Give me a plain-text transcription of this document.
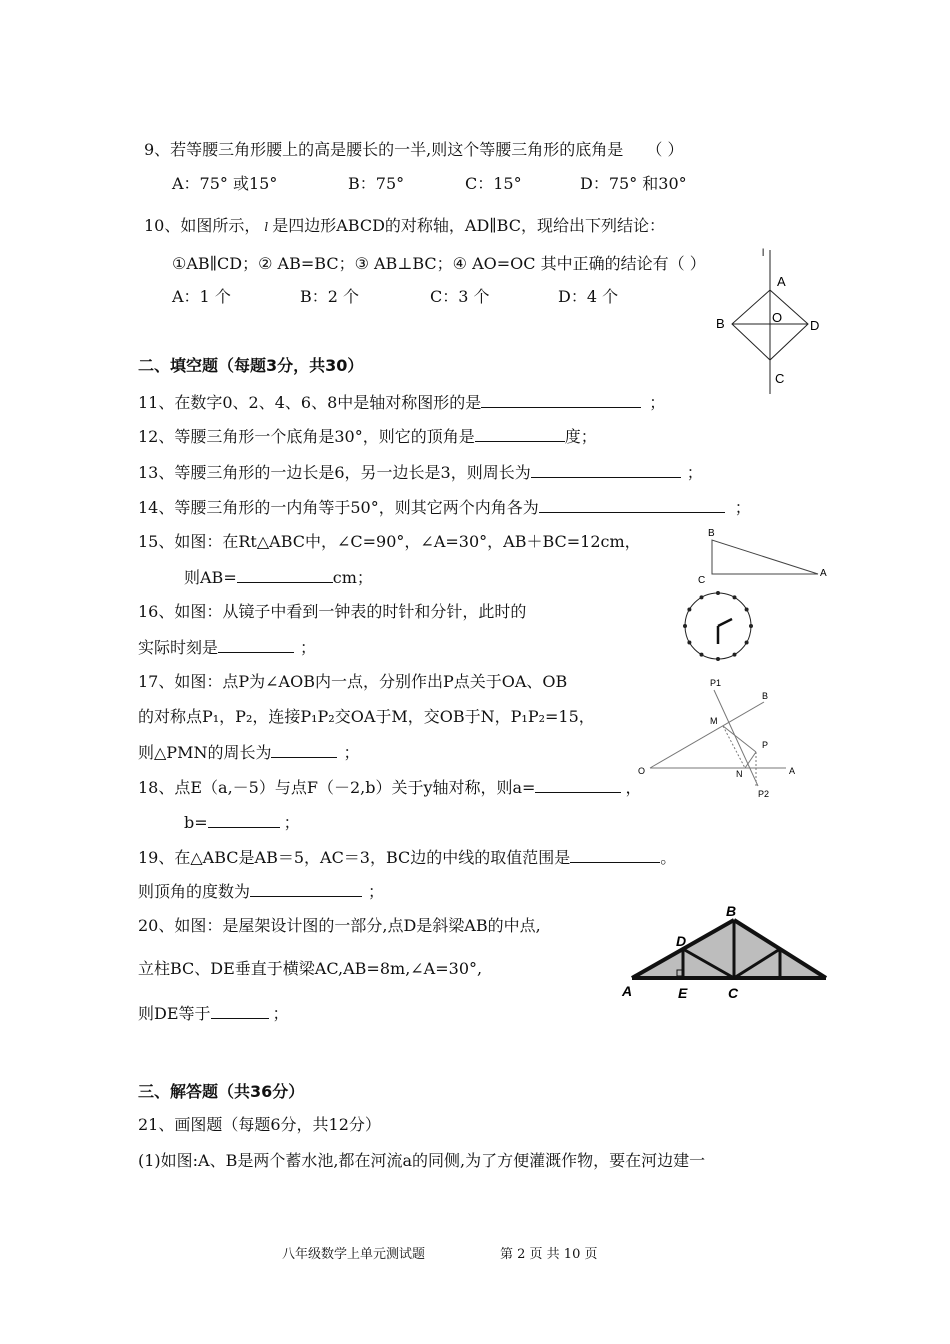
9、若等腰三角形腰上的高是腰长的一半,则这个等腰三角形的底角是 （ ）
A：75° 或15°	B：75°	C：15°	D：75° 和30°
10、如图所示， l 是四边形ABCD的对称轴，AD∥BC，现给出下列结论：
①AB∥CD；② AB=BC；③ AB⊥BC；④ AO=OC 其中正确的结论有（ ）
A：1 个	B：2 个	C：3 个	D：4 个
l
A
B	O
D
C
二、填空题（每题3分，共30）
11、在数字0、2、4、6、8中是轴对称图形的是	；
12、等腰三角形一个底角是30°，则它的顶角是	度；
13、等腰三角形的一边长是6，另一边长是3，则周长为	；
14、等腰三角形的一内角等于50°，则其它两个内角各为	；
15、如图：在Rt△ABC中，∠C=90°，∠A=30°，AB＋BC=12cm，
则AB=	cm；
B
C
A
16、如图：从镜子中看到一钟表的时针和分针，此时的
实际时刻是	；
17、如图：点P为∠AOB内一点，分别作出P点关于OA、OB
的对称点P₁，P₂，连接P₁P₂交OA于M，交OB于N，P₁P₂=15，
则△PMN的周长为	；
P1
B
M
P
O	N	A
P2
18、点E（a,－5）与点F（－2,b）关于y轴对称，则a=	，
b=	；
19、在△ABC是AB＝5，AC＝3，BC边的中线的取值范围是	。
则顶角的度数为	；
20、如图：是屋架设计图的一部分,点D是斜梁AB的中点,
立柱BC、DE垂直于横梁AC,AB=8m,∠A=30°,
则DE等于	；
B
D
A	E	C
三、解答题（共36分）
21、画图题（每题6分，共12分）
(1)如图:A、B是两个蓄水池,都在河流a的同侧,为了方便灌溉作物，要在河边建一
八年级数学上单元测试题	第 2 页 共 10 页
